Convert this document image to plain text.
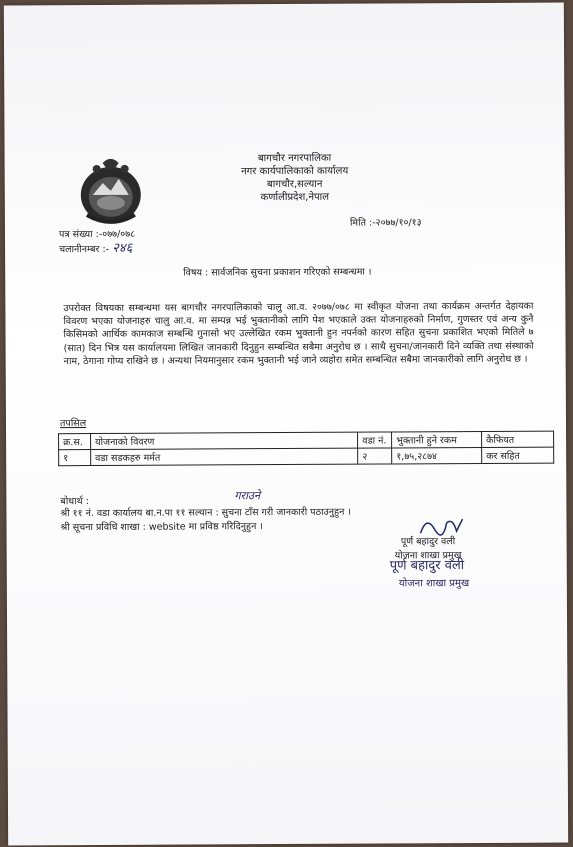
बागचौर नगरपालिका
नगर कार्यपालिकाको कार्यालय
बागचौर,सल्यान
कर्णालीप्रदेश,नेपाल
मिति :-२०७७/१०/१३
पत्र संख्या :-०७७/०७८
चलानीनम्बर :- २४६
विषय : सार्वजनिक सुचना प्रकाशन गरिएको सम्बन्धमा ।
उपरोक्त विषयका सम्बन्धमा यस बागचौर नगरपालिकाको चालु आ.व. २०७७/०७८ मा स्वीकृत योजना तथा कार्यक्रम अन्तर्गत देहायका विवरण भएका योजनाहरु चालु आ.व. मा सम्पन्न भई भुक्तानीको लागि पेश भएकाले उक्त योजनाहरुको निर्माण, गुणस्तर एवं अन्य कुनै किसिमको आर्थिक कामकाज सम्बन्धि गुनासो भए उल्लेखित रकम भुक्तानी हुन नपर्नको कारण सहित सुचना प्रकाशित भएको मितिले ७ (सात) दिन भित्र यस कार्यालयमा लिखित जानकारी दिनुहुन सम्बन्धित सबैमा अनुरोध छ । साथै सुचना/जानकारी दिने व्यक्ति तथा संस्थाको नाम, ठेगाना गोप्य राखिने छ । अन्यथा नियमानुसार रकम भुक्तानी भई जाने व्यहोरा समेत सम्बन्धित सबैमा जानकारीको लागि अनुरोध छ ।
तपसिल
क्र.स.	योजनाको विवरण	वडा नं.	भुक्तानी हुने रकम	कैफियत
१	वडा सडकहरु मर्मत	२	१,७५,२८७४	कर सहित
बोधार्थ :	गराउने
श्री ११ नं. वडा कार्यालय बा.न.पा ११ सल्यान : सुचना टाँस गरी जानकारी पठाउनुहुन ।
श्री सूचना प्रविधि शाखा : website मा प्रविष्ठ गरिदिनुहुन ।
पूर्ण बहादुर वली
योजना शाखा प्रमुख
पूर्ण बहादुर वली
योजना शाखा प्रमुख
